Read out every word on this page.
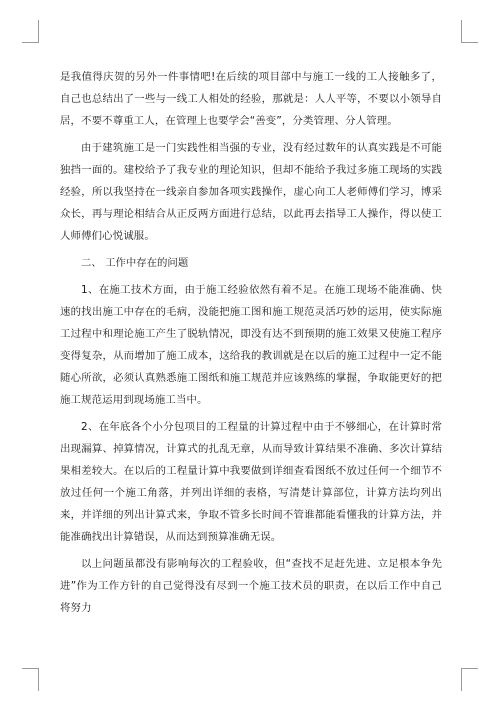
是我值得庆贺的另外一件事情吧!在后续的项目部中与施工一线的工人接触多了，自己也总结出了一些与一线工人相处的经验，那就是：人人平等，不要以小领导自居，不要不尊重工人，在管理上也要学会“善变”，分类管理、分人管理。

由于建筑施工是一门实践性相当强的专业，没有经过数年的认真实践是不可能独挡一面的。建校给予了我专业的理论知识，但却不能给予我过多施工现场的实践经验，所以我坚持在一线亲自参加各项实践操作，虚心向工人老师傅们学习，博采众长，再与理论相结合从正反两方面进行总结，以此再去指导工人操作，得以使工人师傅们心悦诚服。

二、 工作中存在的问题

1、在施工技术方面，由于施工经验依然有着不足。在施工现场不能准确、快速的找出施工中存在的毛病，没能把施工图和施工规范灵活巧妙的运用，使实际施工过程中和理论施工产生了脱轨情况，即没有达不到预期的施工效果又使施工程序变得复杂，从而增加了施工成本，这给我的教训就是在以后的施工过程中一定不能随心所欲，必须认真熟悉施工图纸和施工规范并应该熟练的掌握，争取能更好的把施工规范运用到现场施工当中。

2、在年底各个小分包项目的工程量的计算过程中由于不够细心，在计算时常出现漏算、掉算情况，计算式的扎乱无章，从而导致计算结果不准确、多次计算结果相差较大。在以后的工程量计算中我要做到详细查看图纸不放过任何一个细节不放过任何一个施工角落，并列出详细的表格，写清楚计算部位，计算方法均列出来，并详细的列出计算式来，争取不管多长时间不管谁都能看懂我的计算方法，并能准确找出计算错误，从而达到预算准确无误。

以上问题虽都没有影响每次的工程验收，但“查找不足赶先进、立足根本争先进”作为工作方针的自己觉得没有尽到一个施工技术员的职责，在以后工作中自己将努力
